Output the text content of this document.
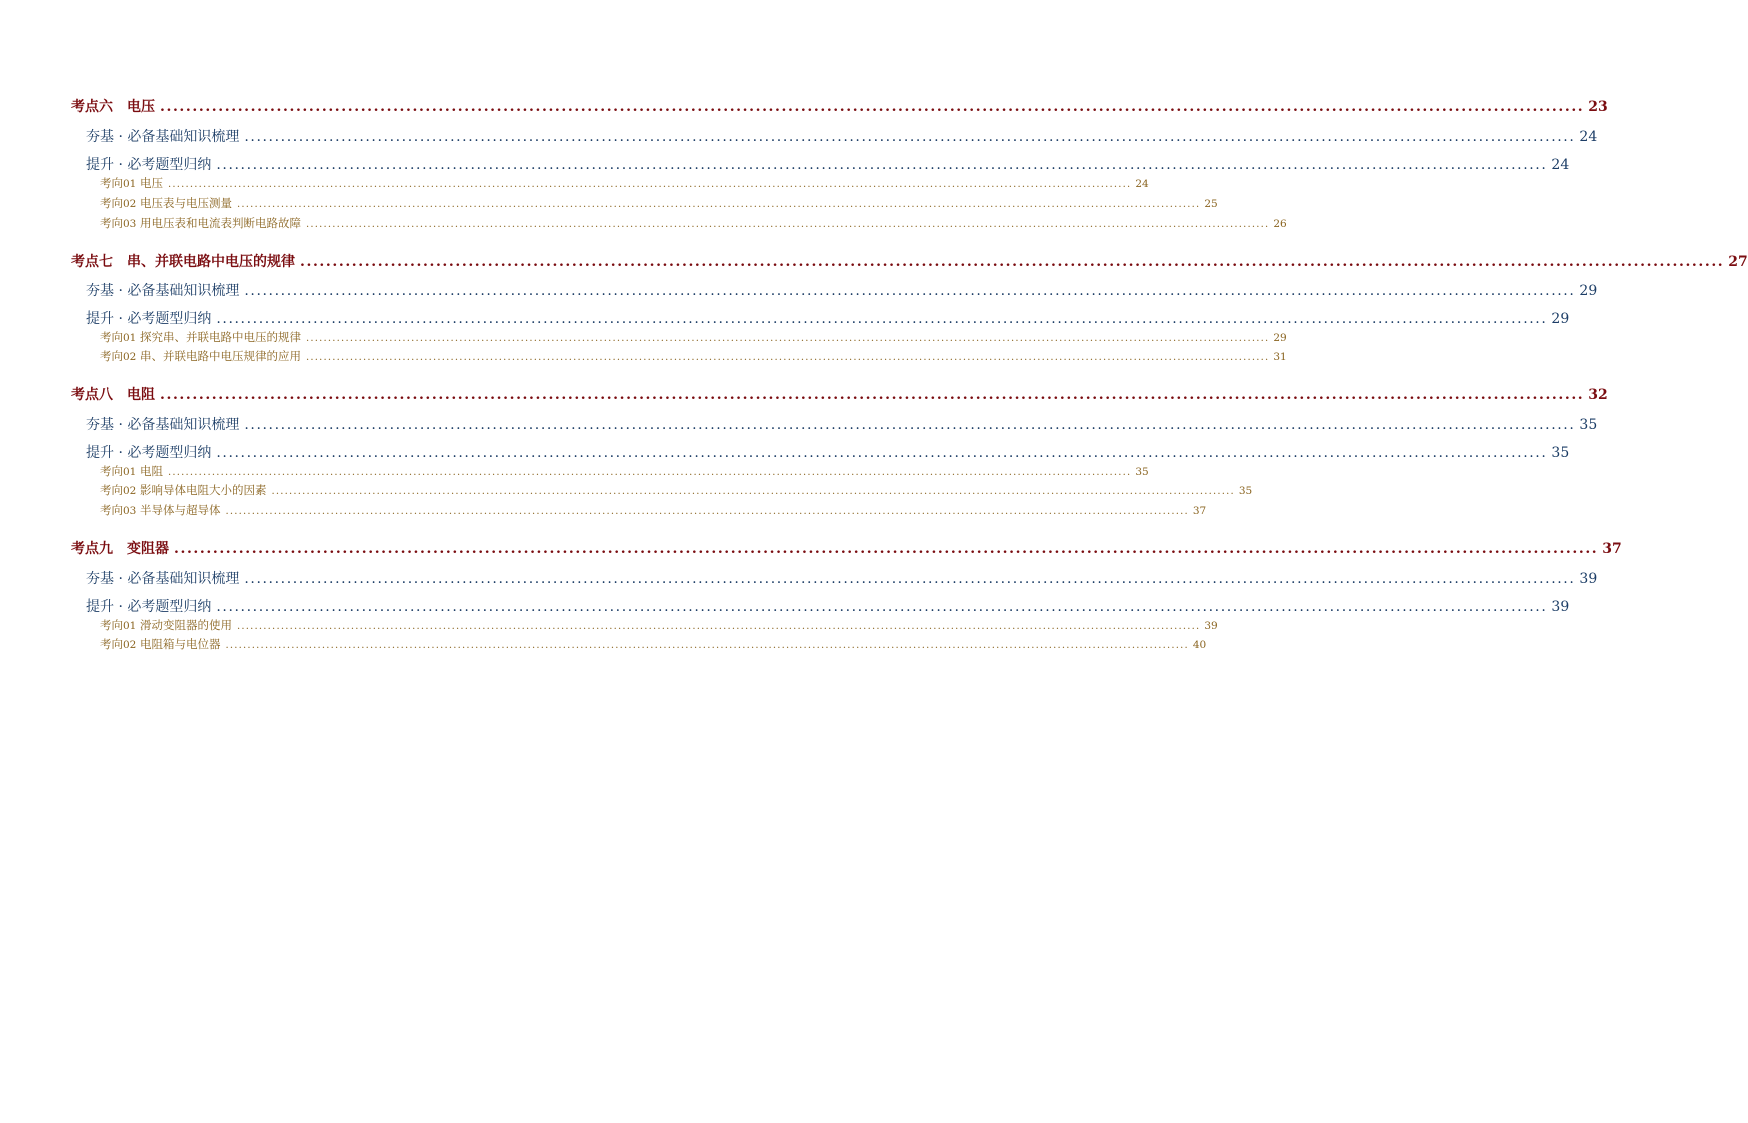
考点六　电压 ............................................................................................................................................................................................................................ 23
夯基 · 必备基础知识梳理 ............................................................................................................................................................................................................................ 24
提升 · 必考题型归纳 ............................................................................................................................................................................................................................ 24
考向01 电压 ............................................................................................................................................................................................................................ 24
考向02 电压表与电压测量 ............................................................................................................................................................................................................................ 25
考向03 用电压表和电流表判断电路故障 ............................................................................................................................................................................................................................ 26
考点七　串、并联电路中电压的规律 ............................................................................................................................................................................................................................ 27
夯基 · 必备基础知识梳理 ............................................................................................................................................................................................................................ 29
提升 · 必考题型归纳 ............................................................................................................................................................................................................................ 29
考向01 探究串、并联电路中电压的规律 ............................................................................................................................................................................................................................ 29
考向02 串、并联电路中电压规律的应用 ............................................................................................................................................................................................................................ 31
考点八　电阻 ............................................................................................................................................................................................................................ 32
夯基 · 必备基础知识梳理 ............................................................................................................................................................................................................................ 35
提升 · 必考题型归纳 ............................................................................................................................................................................................................................ 35
考向01 电阻 ............................................................................................................................................................................................................................ 35
考向02 影响导体电阻大小的因素 ............................................................................................................................................................................................................................ 35
考向03 半导体与超导体 ............................................................................................................................................................................................................................ 37
考点九　变阻器 ............................................................................................................................................................................................................................ 37
夯基 · 必备基础知识梳理 ............................................................................................................................................................................................................................ 39
提升 · 必考题型归纳 ............................................................................................................................................................................................................................ 39
考向01 滑动变阻器的使用 ............................................................................................................................................................................................................................ 39
考向02 电阻箱与电位器 ............................................................................................................................................................................................................................ 40
